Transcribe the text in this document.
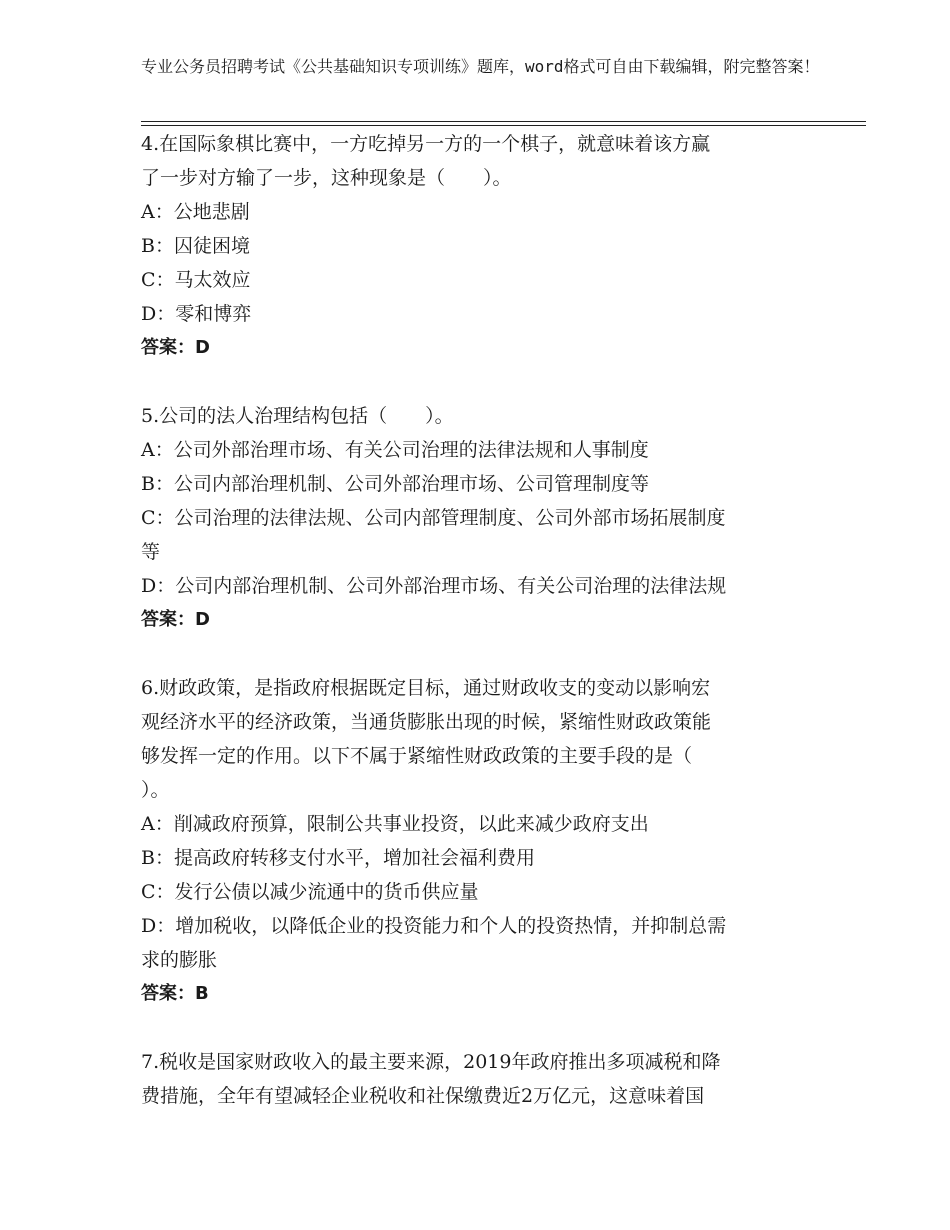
专业公务员招聘考试《公共基础知识专项训练》题库，word格式可自由下载编辑，附完整答案！
4.在国际象棋比赛中，一方吃掉另一方的一个棋子，就意味着该方赢
了一步对方输了一步，这种现象是（　　）。
A：公地悲剧
B：囚徒困境
C：马太效应
D：零和博弈
答案：D
5.公司的法人治理结构包括（　　）。
A：公司外部治理市场、有关公司治理的法律法规和人事制度
B：公司内部治理机制、公司外部治理市场、公司管理制度等
C：公司治理的法律法规、公司内部管理制度、公司外部市场拓展制度
等
D：公司内部治理机制、公司外部治理市场、有关公司治理的法律法规
答案：D
6.财政政策，是指政府根据既定目标，通过财政收支的变动以影响宏
观经济水平的经济政策，当通货膨胀出现的时候，紧缩性财政政策能
够发挥一定的作用。以下不属于紧缩性财政政策的主要手段的是（
）。
A：削减政府预算，限制公共事业投资，以此来减少政府支出
B：提高政府转移支付水平，增加社会福利费用
C：发行公债以减少流通中的货币供应量
D：增加税收，以降低企业的投资能力和个人的投资热情，并抑制总需
求的膨胀
答案：B
7.税收是国家财政收入的最主要来源，2019年政府推出多项减税和降
费措施，全年有望减轻企业税收和社保缴费近2万亿元，这意味着国
